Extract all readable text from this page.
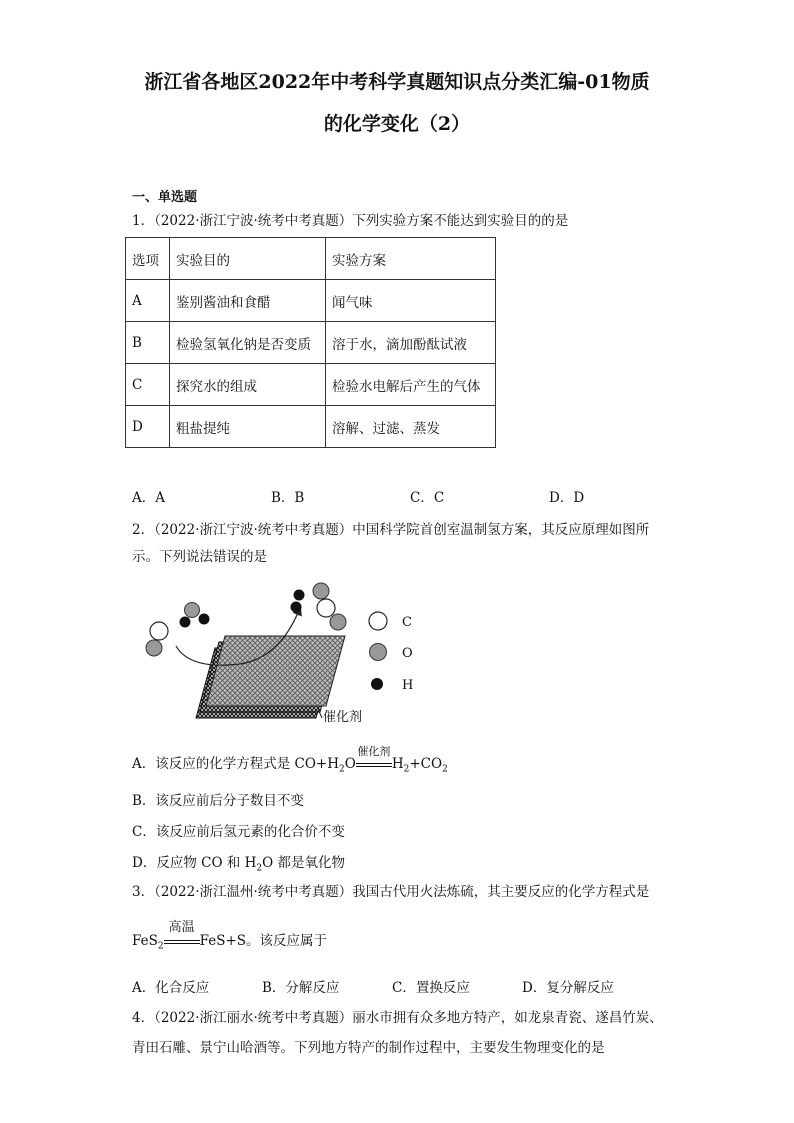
浙江省各地区2022年中考科学真题知识点分类汇编-01物质
的化学变化（2）
一、单选题
1．（2022·浙江宁波·统考中考真题）下列实验方案不能达到实验目的的是
选项	实验目的	实验方案
A	鉴别酱油和食醋	闻气味
B	检验氢氧化钠是否变质	溶于水，滴加酚酞试液
C	探究水的组成	检验水电解后产生的气体
D	粗盐提纯	溶解、过滤、蒸发
A．A	B．B	C．C	D．D
2．（2022·浙江宁波·统考中考真题）中国科学院首创室温制氢方案，其反应原理如图所
示。下列说法错误的是
催化剂
C
O
H
A．该反应的化学方程式是 $CO+H_2O$
催化剂
$H_2+CO_2$
B．该反应前后分子数目不变
C．该反应前后氢元素的化合价不变
D．反应物 CO 和 $H_2O$ 都是氧化物
3．（2022·浙江温州·统考中考真题）我国古代用火法炼硫，其主要反应的化学方程式是
FeS$_2$
高温
FeS+S。该反应属于
A．化合反应	B．分解反应	C．置换反应	D．复分解反应
4．（2022·浙江丽水·统考中考真题）丽水市拥有众多地方特产，如龙泉青瓷、遂昌竹炭、
青田石雕、景宁山哈酒等。下列地方特产的制作过程中，主要发生物理变化的是
